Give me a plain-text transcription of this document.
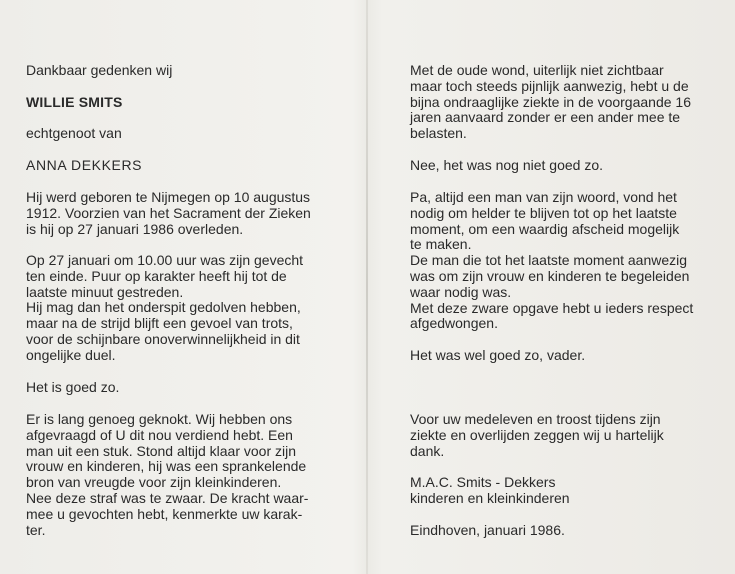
Dankbaar gedenken wij

WILLIE SMITS

echtgenoot van

ANNA DEKKERS

Hij werd geboren te Nijmegen op 10 augustus
1912. Voorzien van het Sacrament der Zieken
is hij op 27 januari 1986 overleden.

Op 27 januari om 10.00 uur was zijn gevecht
ten einde. Puur op karakter heeft hij tot de
laatste minuut gestreden.
Hij mag dan het onderspit gedolven hebben,
maar na de strijd blijft een gevoel van trots,
voor de schijnbare onoverwinnelijkheid in dit
ongelijke duel.

Het is goed zo.

Er is lang genoeg geknokt. Wij hebben ons
afgevraagd of U dit nou verdiend hebt. Een
man uit een stuk. Stond altijd klaar voor zijn
vrouw en kinderen, hij was een sprankelende
bron van vreugde voor zijn kleinkinderen.
Nee deze straf was te zwaar. De kracht waar-
mee u gevochten hebt, kenmerkte uw karak-
ter.

Met de oude wond, uiterlijk niet zichtbaar
maar toch steeds pijnlijk aanwezig, hebt u de
bijna ondraaglijke ziekte in de voorgaande 16
jaren aanvaard zonder er een ander mee te
belasten.

Nee, het was nog niet goed zo.

Pa, altijd een man van zijn woord, vond het
nodig om helder te blijven tot op het laatste
moment, om een waardig afscheid mogelijk
te maken.
De man die tot het laatste moment aanwezig
was om zijn vrouw en kinderen te begeleiden
waar nodig was.
Met deze zware opgave hebt u ieders respect
afgedwongen.

Het was wel goed zo, vader.

Voor uw medeleven en troost tijdens zijn
ziekte en overlijden zeggen wij u hartelijk
dank.

M.A.C. Smits - Dekkers
kinderen en kleinkinderen

Eindhoven, januari 1986.
